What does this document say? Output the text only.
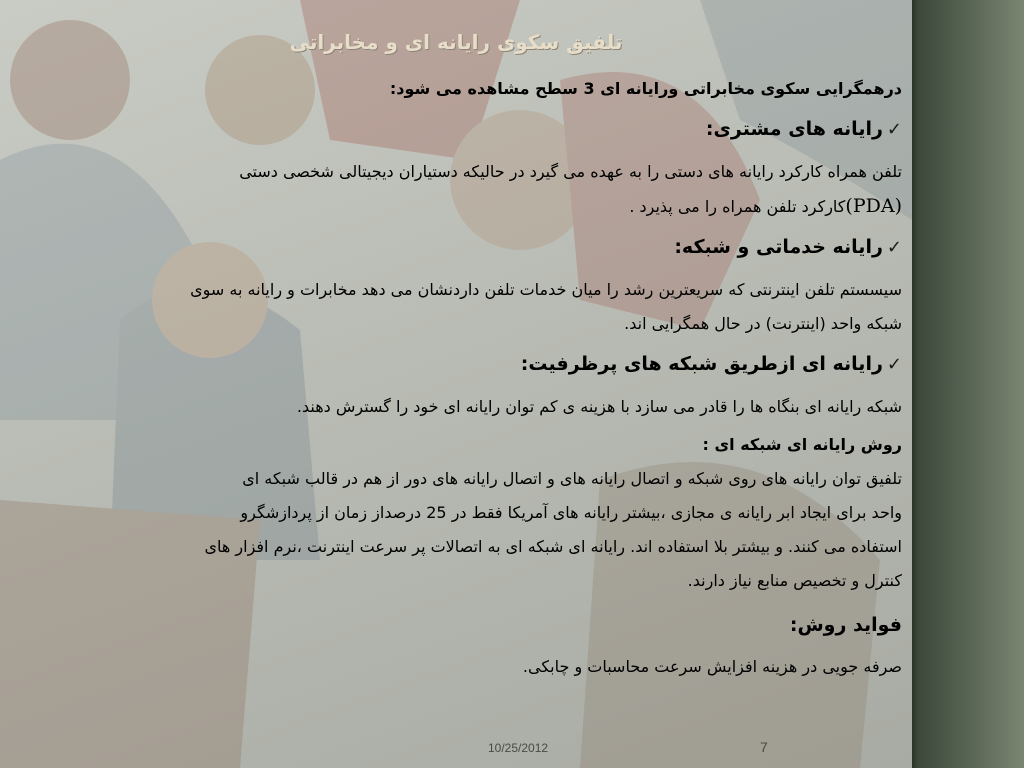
تلفیق سکوی رایانه ای و مخابراتی

درهمگرایی سکوی مخابراتی ورایانه ای 3 سطح مشاهده می شود:

✓رایانه های مشتری:

تلفن همراه کارکرد رایانه های دستی را به عهده می گیرد در حالیکه دستیاران دیجیتالی شخصی دستی

(PDA)کارکرد تلفن همراه را می پذیرد .

✓رایانه خدماتی و شبکه:

سیسستم تلفن اینترنتی که سریعترین رشد را میان خدمات تلفن داردنشان می دهد مخابرات و رایانه به سوی

شبکه واحد (اینترنت) در حال همگرایی اند.

✓رایانه ای ازطریق شبکه های پرظرفیت:

شبکه رایانه ای بنگاه ها را قادر می سازد با هزینه ی کم توان رایانه ای خود را گسترش دهند.

روش رایانه ای شبکه ای :

تلفیق توان رایانه های روی شبکه و اتصال رایانه های و اتصال رایانه های دور از هم در قالب شبکه ای

واحد برای ایجاد ابر رایانه ی مجازی ،بیشتر رایانه های آمریکا فقط در 25 درصداز زمان از پردازشگرو

استفاده می کنند. و بیشتر بلا استفاده اند. رایانه ای شبکه ای به اتصالات پر سرعت اینترنت ،نرم افزار های

کنترل و تخصیص منابع نیاز دارند.

فواید روش:

صرفه جویی در هزینه افزایش سرعت محاسبات و چابکی.

10/25/2012	7
